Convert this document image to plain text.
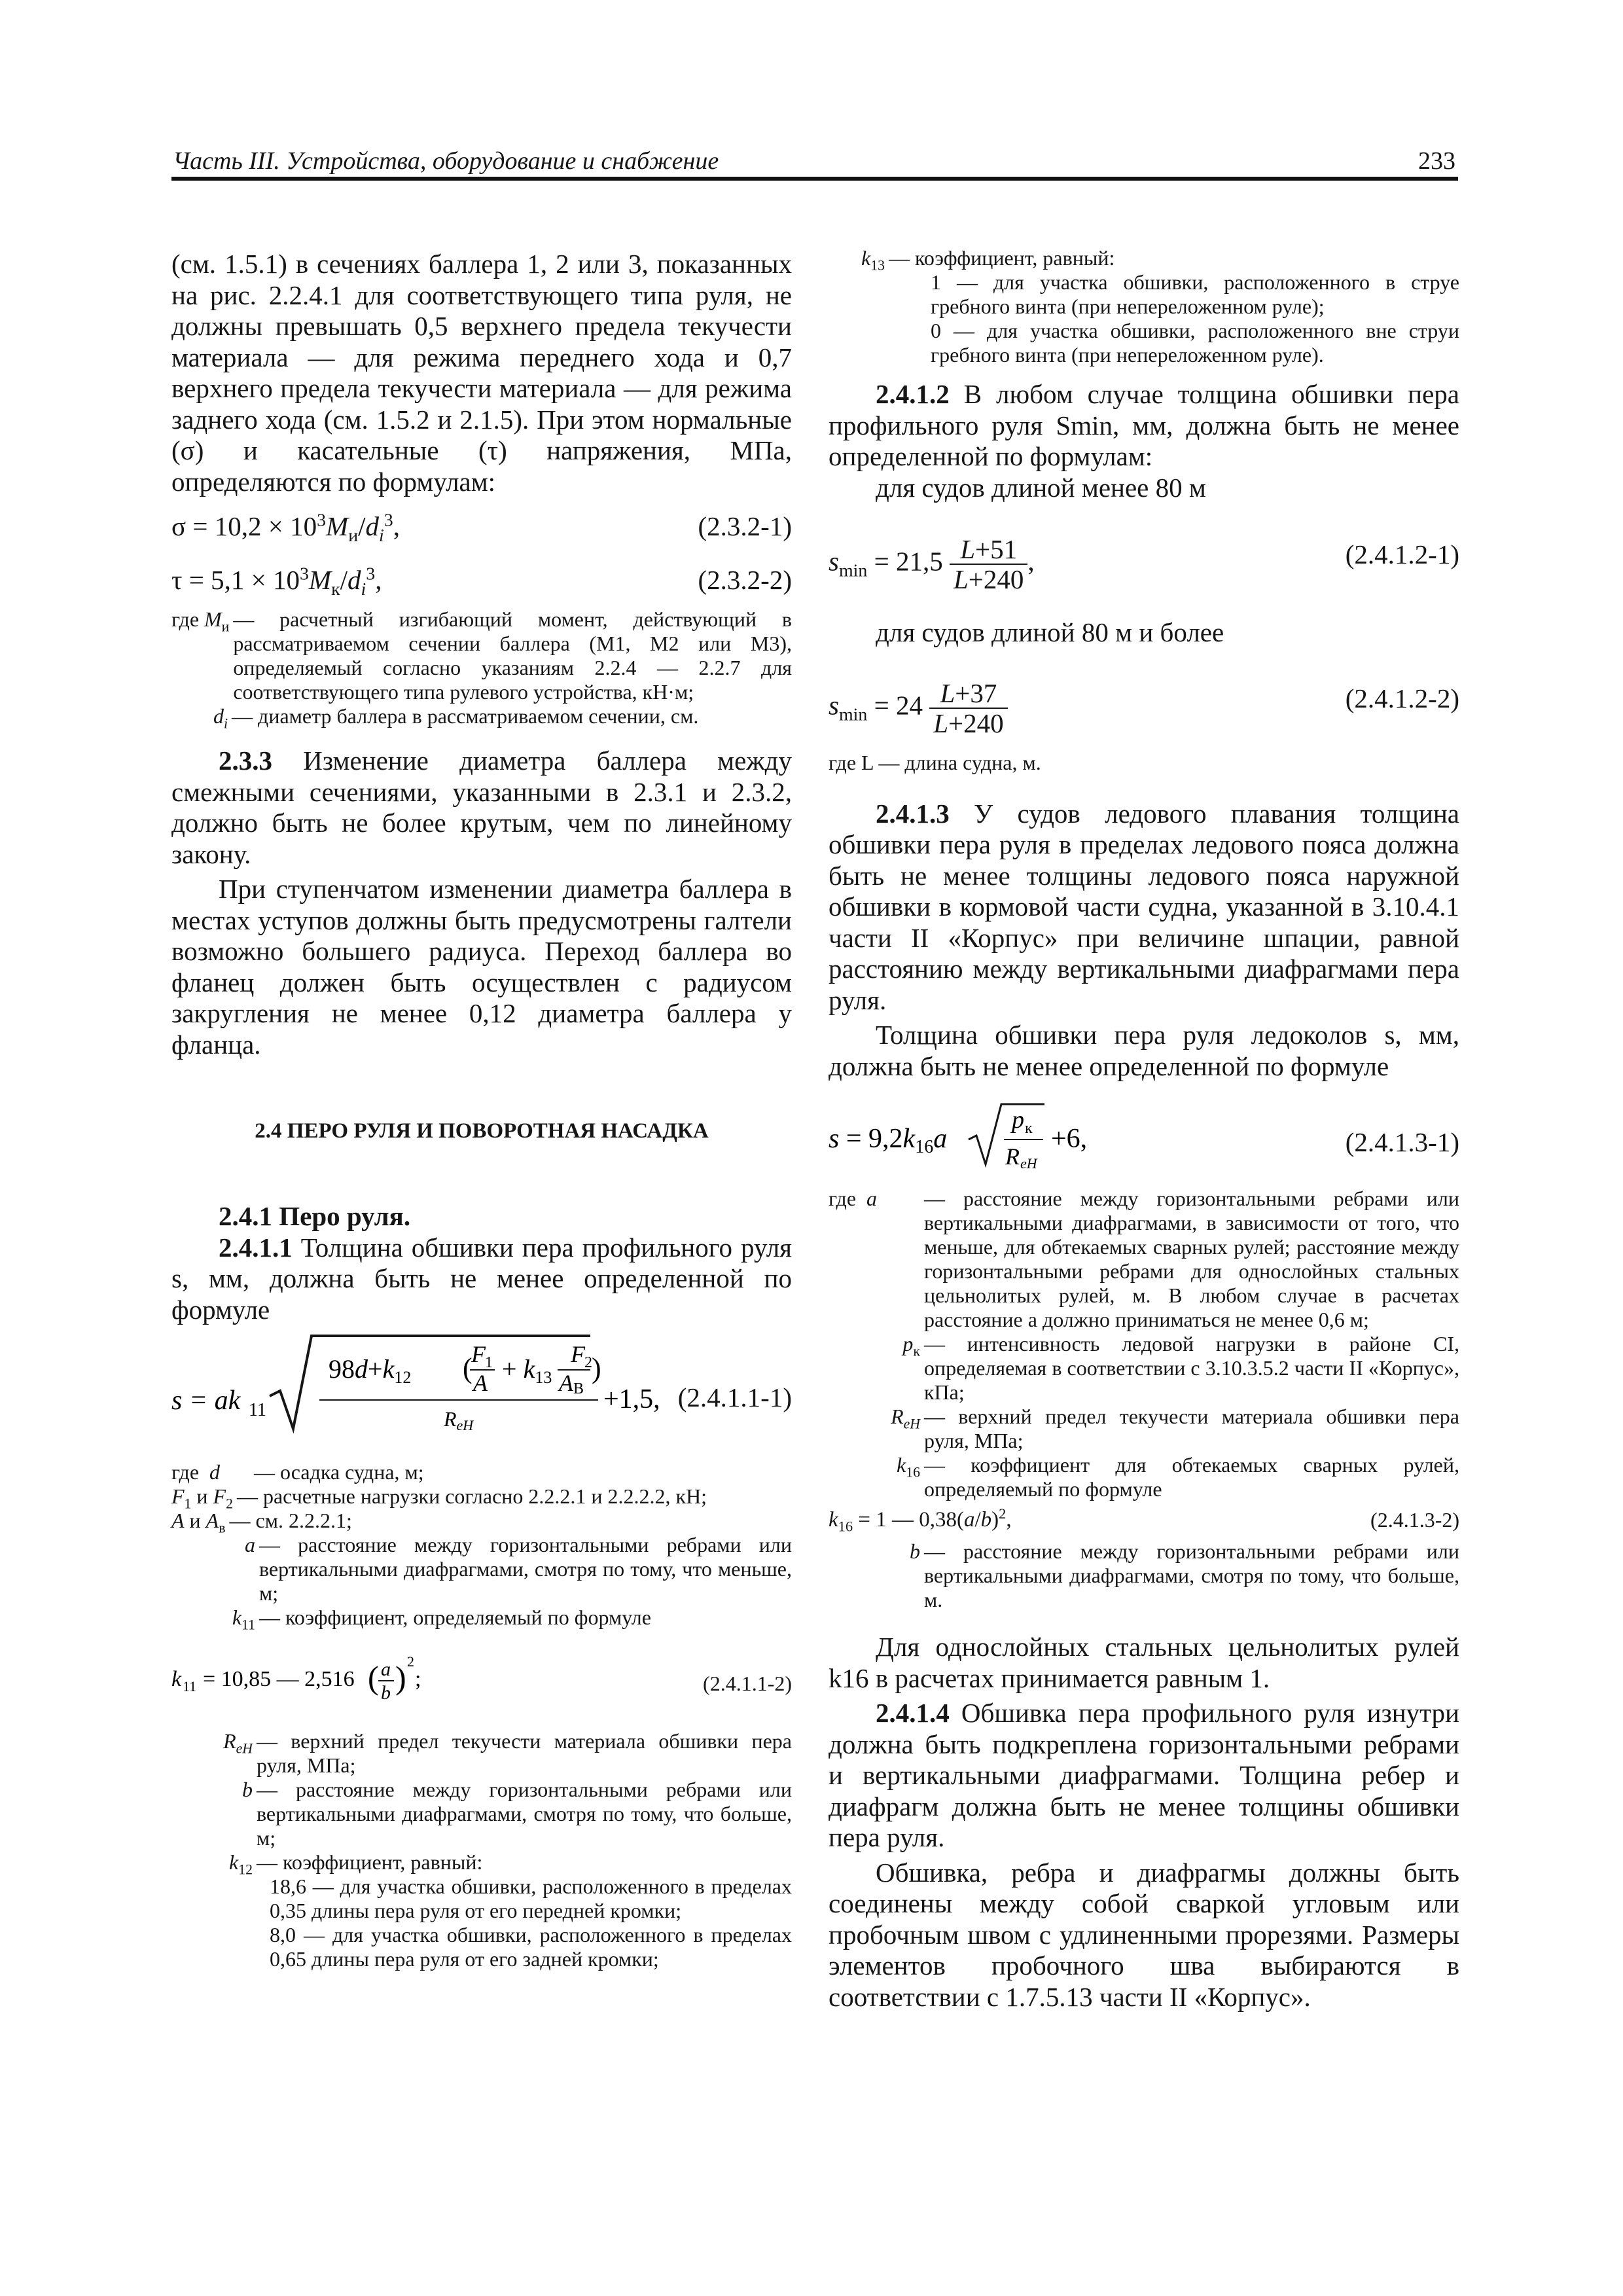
Часть III. Устройства, оборудование и снабжение	233

(см. 1.5.1) в сечениях баллера 1, 2 или 3, показанных на рис. 2.2.4.1 для соответствующего типа руля, не должны превышать 0,5 верхнего предела текучести материала — для режима переднего хода и 0,7 верхнего предела текучести материала — для режима заднего хода (см. 1.5.2 и 2.1.5). При этом нормальные (σ) и касательные (τ) напряжения, МПа, определяются по формулам:

$\sigma = 10,2 \times 10^3M_и/d_i^3$,	(2.3.2-1)
$\tau = 5,1 \times 10^3M_к/d_i^3$,	(2.3.2-2)
где $M_и$ — расчетный изгибающий момент, действующий в рассматриваемом сечении баллера (M1, M2 или M3), определяемый согласно указаниям 2.2.4 — 2.2.7 для соответствующего типа рулевого устройства, кН·м;
$d_i$ — диаметр баллера в рассматриваемом сечении, см.

2.3.3 Изменение диаметра баллера между смежными сечениями, указанными в 2.3.1 и 2.3.2, должно быть не более крутым, чем по линейному закону.

При ступенчатом изменении диаметра баллера в местах уступов должны быть предусмотрены галтели возможно большего радиуса. Переход баллера во фланец должен быть осуществлен с радиусом закругления не менее 0,12 диаметра баллера у фланца.

2.4 ПЕРО РУЛЯ И ПОВОРОТНАЯ НАСАДКА

2.4.1 Перо руля.

2.4.1.1 Толщина обшивки пера профильного руля s, мм, должна быть не менее определенной по формуле

s = ak 11
$98d+k_{12}$ (
F 1
$A + k_{13}$
F 2
A В
)
ReH
+1,5, (2.4.1.1-1)
где  d	— осадка судна, м;
$F_1$ и $F_2$ — расчетные нагрузки согласно 2.2.2.1 и 2.2.2.2, кН;
A и $A_в$ — см. 2.2.2.1;
a — расстояние между горизонтальными ребрами или вертикальными диафрагмами, смотря по тому, что меньше, м;
$k_{11}$ — коэффициент, определяемый по формуле
k 11 = 10,85 — 2,516 ( a
b ) 2
;	(2.4.1.1-2)
$R_{eH}$ — верхний предел текучести материала обшивки пера руля, МПа;
b — расстояние между горизонтальными ребрами или вертикальными диафрагмами, смотря по тому, что больше, м;
$k_{12}$ — коэффициент, равный:
18,6 — для участка обшивки, расположенного в пределах 0,35 длины пера руля от его передней кромки;
8,0 — для участка обшивки, расположенного в пределах 0,65 длины пера руля от его задней кромки;
$k_{13}$ — коэффициент, равный:
1 — для участка обшивки, расположенного в струе гребного винта (при непереложенном руле);
0 — для участка обшивки, расположенного вне струи гребного винта (при непереложенном руле).

2.4.1.2 В любом случае толщина обшивки пера профильного руля Smin, мм, должна быть не менее определенной по формулам:

для судов длиной менее 80 м

$s_{min} = 21,5 \frac{L+51}{L+240}$ ,	(2.4.1.2-1)

для судов длиной 80 м и более

$s_{min} = 24 \frac{L+37}{L+240}$	(2.4.1.2-2)

где L — длина судна, м.

2.4.1.3 У судов ледового плавания толщина обшивки пера руля в пределах ледового пояса должна быть не менее толщины ледового пояса наружной обшивки в кормовой части судна, указанной в 3.10.4.1 части II «Корпус» при величине шпации, равной расстоянию между вертикальными диафрагмами пера руля.

Толщина обшивки пера руля ледоколов s, мм, должна быть не менее определенной по формуле

s = 9,2k16a
p к
R eH
+6,	(2.4.1.3-1)
где  a	— расстояние между горизонтальными ребрами или вертикальными диафрагмами, в зависимости от того, что меньше, для обтекаемых сварных рулей; расстояние между горизонтальными ребрами для однослойных стальных цельнолитых рулей, м. В любом случае в расчетах расстояние a должно приниматься не менее 0,6 м;
$p_к$ — интенсивность ледовой нагрузки в районе CI, определяемая в соответствии с 3.10.3.5.2 части II «Корпус», кПа;
$R_{eH}$ — верхний предел текучести материала обшивки пера руля, МПа;
$k_{16}$ — коэффициент для обтекаемых сварных рулей, определяемый по формуле
$k_{16} = 1$ — $0,38(a/b)^2$,	(2.4.1.3-2)
b — расстояние между горизонтальными ребрами или вертикальными диафрагмами, смотря по тому, что больше, м.

Для однослойных стальных цельнолитых рулей k16 в расчетах принимается равным 1.

2.4.1.4 Обшивка пера профильного руля изнутри должна быть подкреплена горизонтальными ребрами и вертикальными диафрагмами. Толщина ребер и диафрагм должна быть не менее толщины обшивки пера руля.

Обшивка, ребра и диафрагмы должны быть соединены между собой сваркой угловым или пробочным швом с удлиненными прорезями. Размеры элементов пробочного шва выбираются в соответствии с 1.7.5.13 части II «Корпус».
